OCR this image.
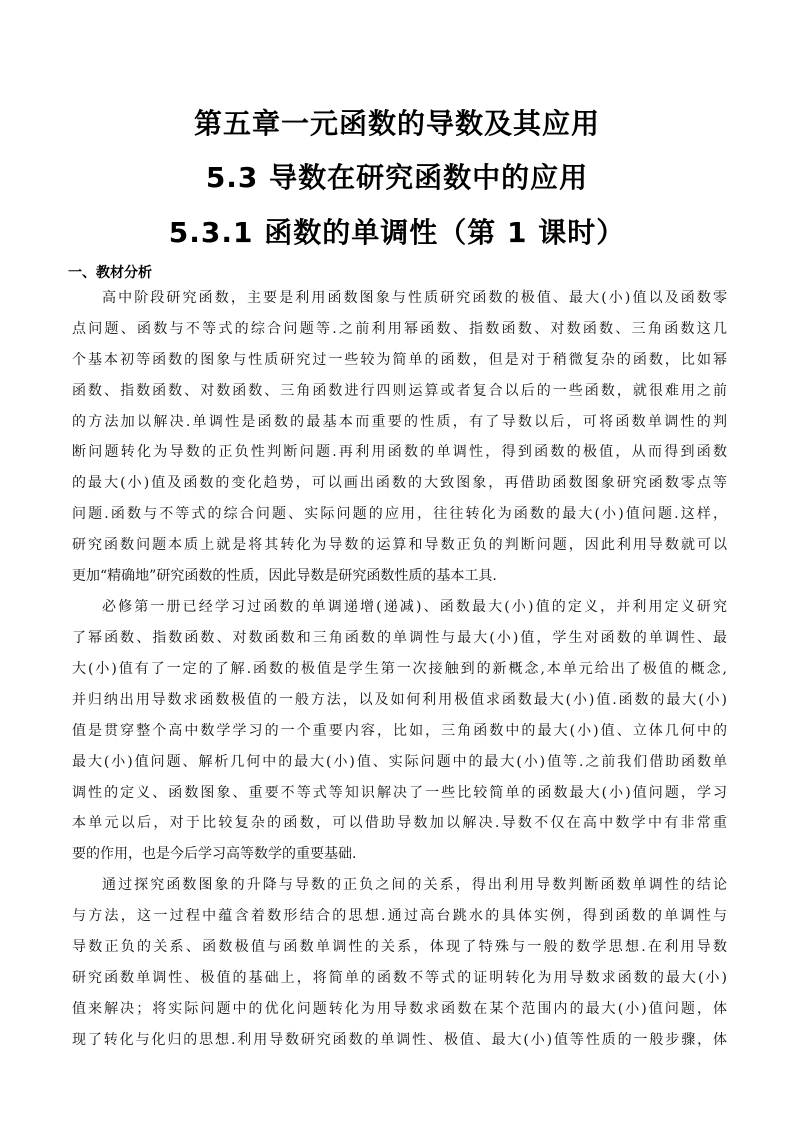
第五章一元函数的导数及其应用
5.3 导数在研究函数中的应用
5.3.1 函数的单调性（第 1 课时）
一、教材分析
高中阶段研究函数，主要是利用函数图象与性质研究函数的极值、最大(小)值以及函数零
点问题、函数与不等式的综合问题等.之前利用幂函数、指数函数、对数函数、三角函数这几
个基本初等函数的图象与性质研究过一些较为简单的函数，但是对于稍微复杂的函数，比如幂
函数、指数函数、对数函数、三角函数进行四则运算或者复合以后的一些函数，就很难用之前
的方法加以解决.单调性是函数的最基本而重要的性质，有了导数以后，可将函数单调性的判
断问题转化为导数的正负性判断问题.再利用函数的单调性，得到函数的极值，从而得到函数
的最大(小)值及函数的变化趋势，可以画出函数的大致图象，再借助函数图象研究函数零点等
问题.函数与不等式的综合问题、实际问题的应用，往往转化为函数的最大(小)值问题.这样，
研究函数问题本质上就是将其转化为导数的运算和导数正负的判断问题，因此利用导数就可以
更加“精确地”研究函数的性质，因此导数是研究函数性质的基本工具.
必修第一册已经学习过函数的单调递增(递减)、函数最大(小)值的定义，并利用定义研究
了幂函数、指数函数、对数函数和三角函数的单调性与最大(小)值，学生对函数的单调性、最
大(小)值有了一定的了解.函数的极值是学生第一次接触到的新概念,本单元给出了极值的概念,
并归纳出用导数求函数极值的一般方法，以及如何利用极值求函数最大(小)值.函数的最大(小)
值是贯穿整个高中数学学习的一个重要内容，比如，三角函数中的最大(小)值、立体几何中的
最大(小)值问题、解析几何中的最大(小)值、实际问题中的最大(小)值等.之前我们借助函数单
调性的定义、函数图象、重要不等式等知识解决了一些比较简单的函数最大(小)值问题，学习
本单元以后，对于比较复杂的函数，可以借助导数加以解决.导数不仅在高中数学中有非常重
要的作用，也是今后学习高等数学的重要基础.
通过探究函数图象的升降与导数的正负之间的关系，得出利用导数判断函数单调性的结论
与方法，这一过程中蕴含着数形结合的思想.通过高台跳水的具体实例，得到函数的单调性与
导数正负的关系、函数极值与函数单调性的关系，体现了特殊与一般的数学思想.在利用导数
研究函数单调性、极值的基础上，将简单的函数不等式的证明转化为用导数求函数的最大(小)
值来解决；将实际问题中的优化问题转化为用导数求函数在某个范围内的最大(小)值问题，体
现了转化与化归的思想.利用导数研究函数的单调性、极值、最大(小)值等性质的一般步骤，体
